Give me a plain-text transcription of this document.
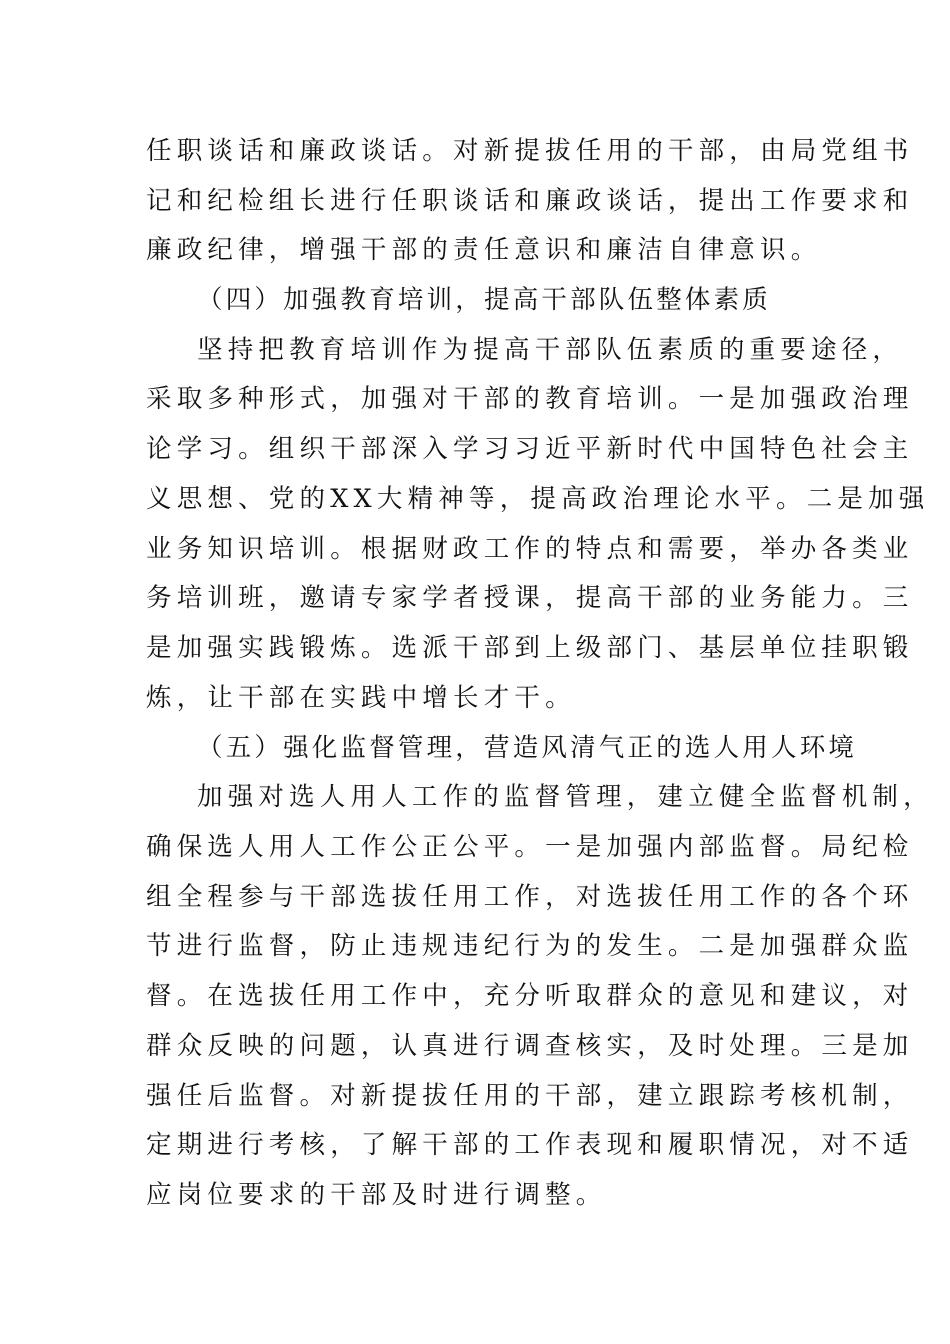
任职谈话和廉政谈话。对新提拔任用的干部，由局党组书
记和纪检组长进行任职谈话和廉政谈话，提出工作要求和
廉政纪律，增强干部的责任意识和廉洁自律意识。
（四）加强教育培训，提高干部队伍整体素质
坚持把教育培训作为提高干部队伍素质的重要途径，
采取多种形式，加强对干部的教育培训。一是加强政治理
论学习。组织干部深入学习习近平新时代中国特色社会主
义思想、党的XX大精神等，提高政治理论水平。二是加强
业务知识培训。根据财政工作的特点和需要，举办各类业
务培训班，邀请专家学者授课，提高干部的业务能力。三
是加强实践锻炼。选派干部到上级部门、基层单位挂职锻
炼，让干部在实践中增长才干。
（五）强化监督管理，营造风清气正的选人用人环境
加强对选人用人工作的监督管理，建立健全监督机制，
确保选人用人工作公正公平。一是加强内部监督。局纪检
组全程参与干部选拔任用工作，对选拔任用工作的各个环
节进行监督，防止违规违纪行为的发生。二是加强群众监
督。在选拔任用工作中，充分听取群众的意见和建议，对
群众反映的问题，认真进行调查核实，及时处理。三是加
强任后监督。对新提拔任用的干部，建立跟踪考核机制，
定期进行考核，了解干部的工作表现和履职情况，对不适
应岗位要求的干部及时进行调整。
